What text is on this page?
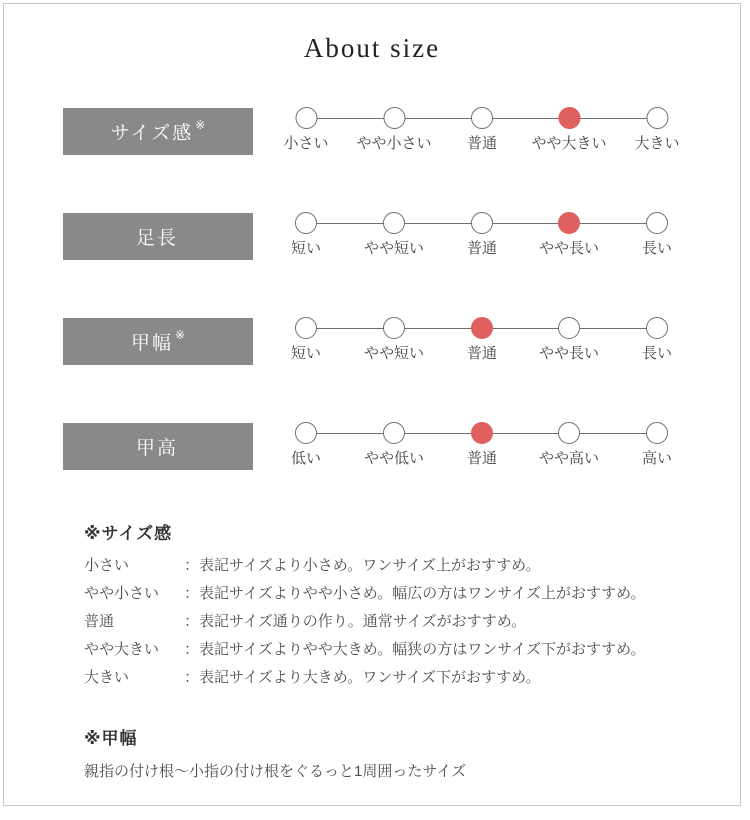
About size
サイズ感※
小さい やや小さい 普通 やや大きい 大きい
足長	短い	やや短い	普通	やや長い	長い
甲幅※
短い	やや短い	普通	やや長い	長い
甲高	低い	やや低い	普通	やや高い	高い
※サイズ感
小さい	：表記サイズより小さめ。ワンサイズ上がおすすめ。
やや小さい	：表記サイズよりやや小さめ。幅広の方はワンサイズ上がおすすめ。
普通	：表記サイズ通りの作り。通常サイズがおすすめ。
やや大きい	：表記サイズよりやや大きめ。幅狭の方はワンサイズ下がおすすめ。
大きい	：表記サイズより大きめ。ワンサイズ下がおすすめ。
※甲幅
親指の付け根〜小指の付け根をぐるっと1周囲ったサイズ
